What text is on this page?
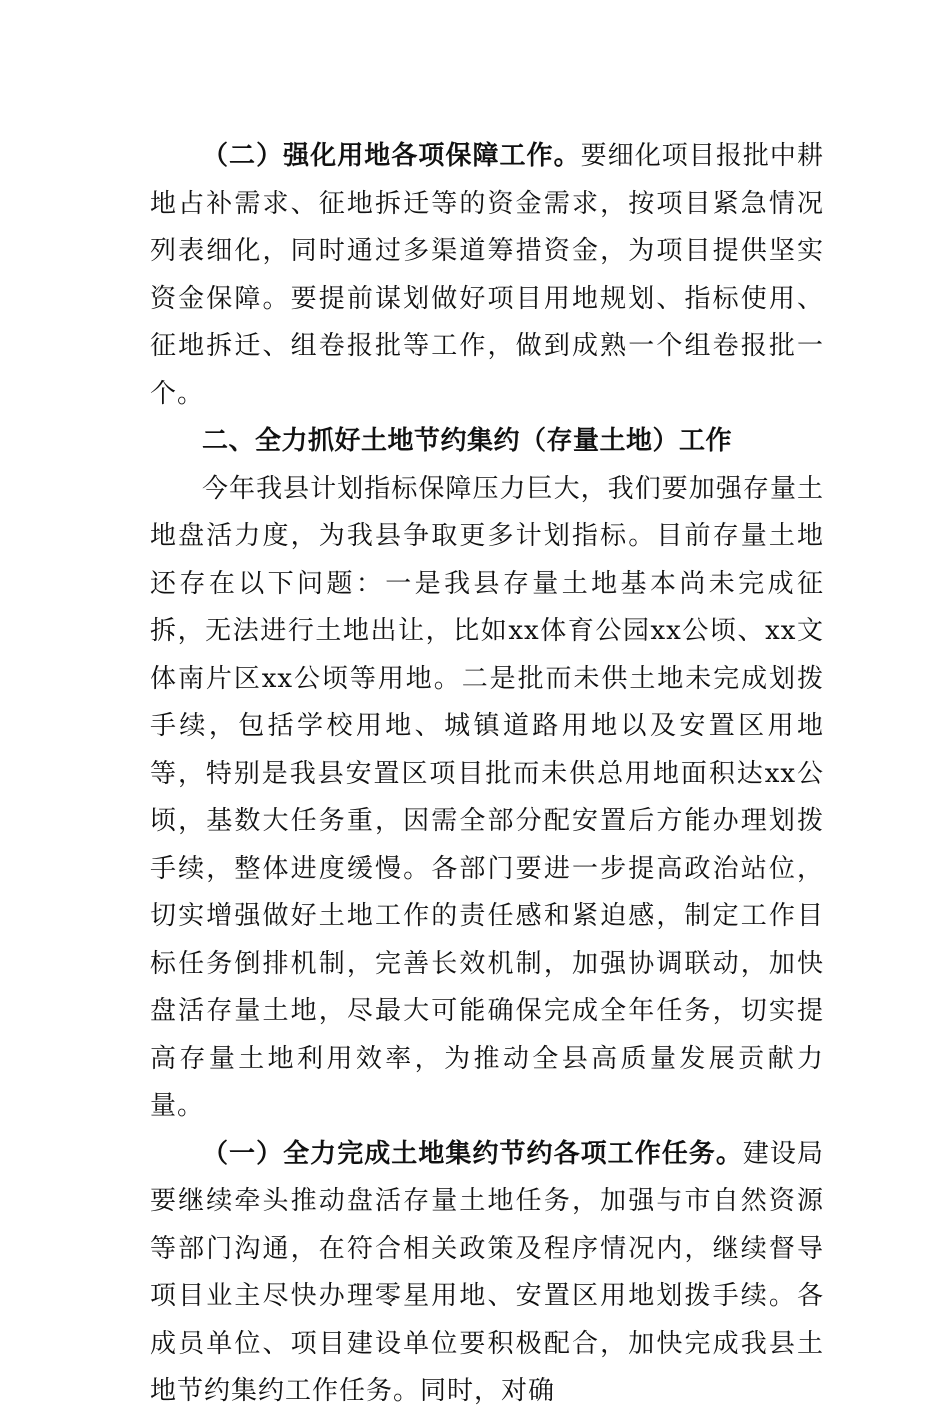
（二）强化用地各项保障工作。要细化项目报批中耕地占补需求、征地拆迁等的资金需求，按项目紧急情况列表细化，同时通过多渠道筹措资金，为项目提供坚实资金保障。要提前谋划做好项目用地规划、指标使用、征地拆迁、组卷报批等工作，做到成熟一个组卷报批一个。

二、全力抓好土地节约集约（存量土地）工作

今年我县计划指标保障压力巨大，我们要加强存量土地盘活力度，为我县争取更多计划指标。目前存量土地还存在以下问题：一是我县存量土地基本尚未完成征拆，无法进行土地出让，比如xx体育公园xx公顷、xx文体南片区xx公顷等用地。二是批而未供土地未完成划拨手续，包括学校用地、城镇道路用地以及安置区用地等，特别是我县安置区项目批而未供总用地面积达xx公顷，基数大任务重，因需全部分配安置后方能办理划拨手续，整体进度缓慢。各部门要进一步提高政治站位，切实增强做好土地工作的责任感和紧迫感，制定工作目标任务倒排机制，完善长效机制，加强协调联动，加快盘活存量土地，尽最大可能确保完成全年任务，切实提高存量土地利用效率，为推动全县高质量发展贡献力量。

（一）全力完成土地集约节约各项工作任务。建设局要继续牵头推动盘活存量土地任务，加强与市自然资源等部门沟通，在符合相关政策及程序情况内，继续督导项目业主尽快办理零星用地、安置区用地划拨手续。各成员单位、项目建设单位要积极配合，加快完成我县土地节约集约工作任务。同时，对确
